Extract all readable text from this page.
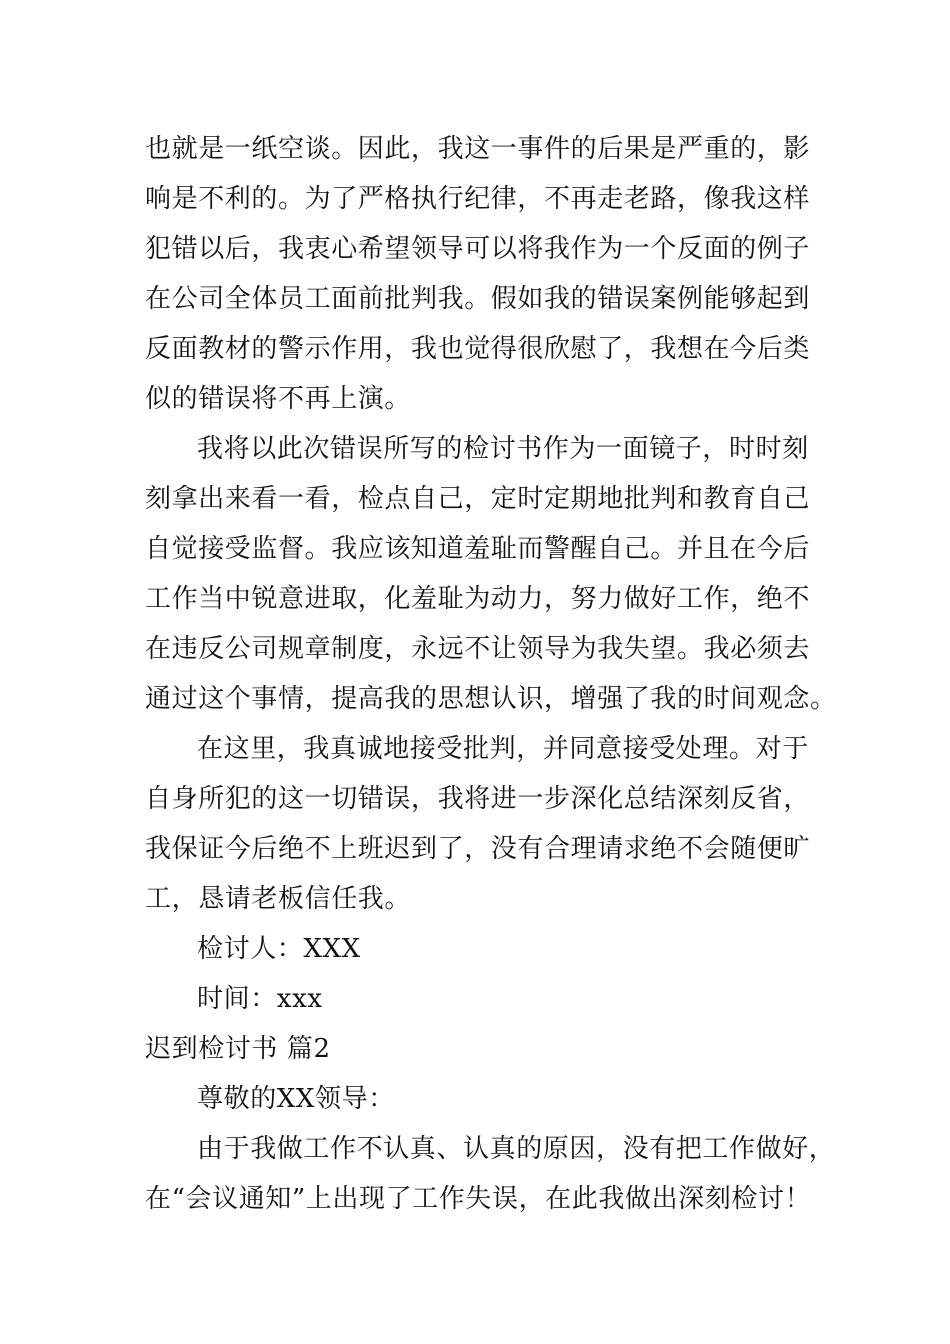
也就是一纸空谈。因此，我这一事件的后果是严重的，影
响是不利的。为了严格执行纪律，不再走老路，像我这样
犯错以后，我衷心希望领导可以将我作为一个反面的例子
在公司全体员工面前批判我。假如我的错误案例能够起到
反面教材的警示作用，我也觉得很欣慰了，我想在今后类
似的错误将不再上演。
我将以此次错误所写的检讨书作为一面镜子，时时刻
刻拿出来看一看，检点自己，定时定期地批判和教育自己
自觉接受监督。我应该知道羞耻而警醒自己。并且在今后
工作当中锐意进取，化羞耻为动力，努力做好工作，绝不
在违反公司规章制度，永远不让领导为我失望。我必须去
通过这个事情，提高我的思想认识，增强了我的时间观念。
在这里，我真诚地接受批判，并同意接受处理。对于
自身所犯的这一切错误，我将进一步深化总结深刻反省，
我保证今后绝不上班迟到了，没有合理请求绝不会随便旷
工，恳请老板信任我。
检讨人：XXX
时间：xxx
迟到检讨书 篇2
尊敬的XX领导：
由于我做工作不认真、认真的原因，没有把工作做好，
在“会议通知”上出现了工作失误，在此我做出深刻检讨！
